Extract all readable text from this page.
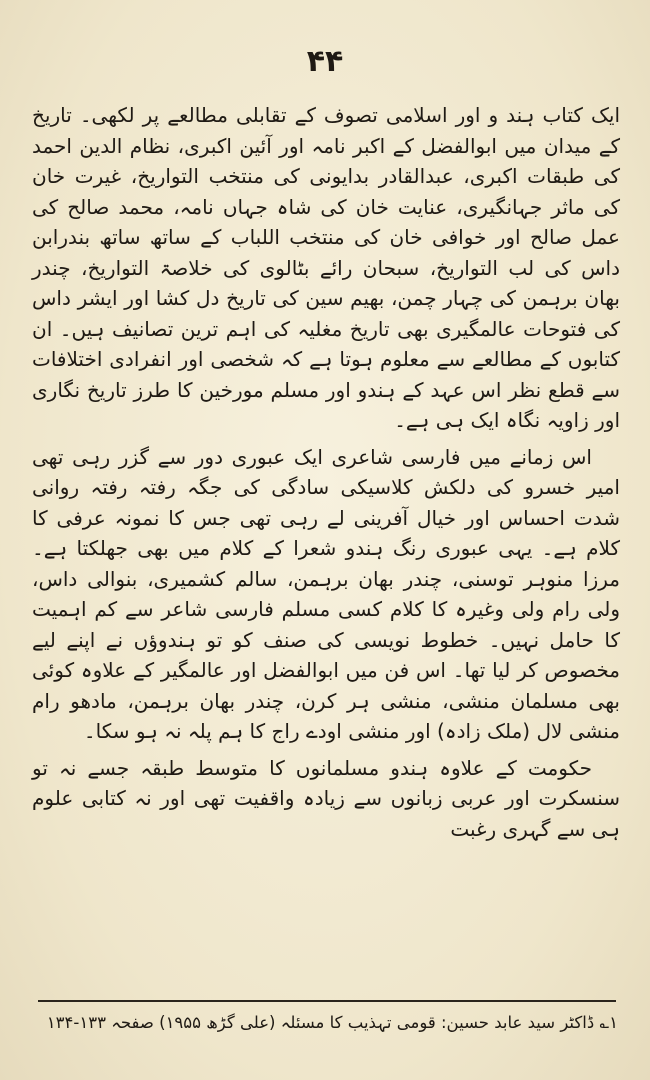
۴۴

ایک کتاب ہند و اور اسلامی تصوف کے تقابلی مطالعے پر لکھی۔ تاریخ کے میدان میں ابوالفضل کے اکبر نامہ اور آئین اکبری، نظام الدین احمد کی طبقات اکبری، عبدالقادر بدایونی کی منتخب التواریخ، غیرت خان کی ماثر جہانگیری، عنایت خان کی شاہ جہاں نامہ، محمد صالح کی عمل صالح اور خوافی خان کی منتخب اللباب کے ساتھ ساتھ بندرابن داس کی لب التواریخ، سبحان رائے بٹالوی کی خلاصۃ التواریخ، چندر بھان برہمن کی چہار چمن، بھیم سین کی تاریخ دل کشا اور ایشر داس کی فتوحات عالمگیری بھی تاریخ مغلیہ کی اہم ترین تصانیف ہیں۔ ان کتابوں کے مطالعے سے معلوم ہوتا ہے کہ شخصی اور انفرادی اختلافات سے قطع نظر اس عہد کے ہندو اور مسلم مورخین کا طرز تاریخ نگاری اور زاویہ نگاہ ایک ہی ہے۔

اس زمانے میں فارسی شاعری ایک عبوری دور سے گزر رہی تھی امیر خسرو کی دلکش کلاسیکی سادگی کی جگہ رفتہ رفتہ روانی شدت احساس اور خیال آفرینی لے رہی تھی جس کا نمونہ عرفی کا کلام ہے۔ یہی عبوری رنگ ہندو شعرا کے کلام میں بھی جھلکتا ہے۔ مرزا منوہر توسنی، چندر بھان برہمن، سالم کشمیری، بنوالی داس، ولی رام ولی وغیرہ کا کلام کسی مسلم فارسی شاعر سے کم اہمیت کا حامل نہیں۔ خطوط نویسی کی صنف کو تو ہندوؤں نے اپنے لیے مخصوص کر لیا تھا۔ اس فن میں ابوالفضل اور عالمگیر کے علاوہ کوئی بھی مسلمان منشی، منشی ہر کرن، چندر بھان برہمن، مادھو رام منشی لال (ملک زادہ) اور منشی اودے راج کا ہم پلہ نہ ہو سکا۔

حکومت کے علاوہ ہندو مسلمانوں کا متوسط طبقہ جسے نہ تو سنسکرت اور عربی زبانوں سے زیادہ واقفیت تھی اور نہ کتابی علوم ہی سے گہری رغبت

۱؎ ڈاکٹر سید عابد حسین: قومی تہذیب کا مسئلہ (علی گڑھ ۱۹۵۵) صفحہ ۱۳۳-۱۳۴
